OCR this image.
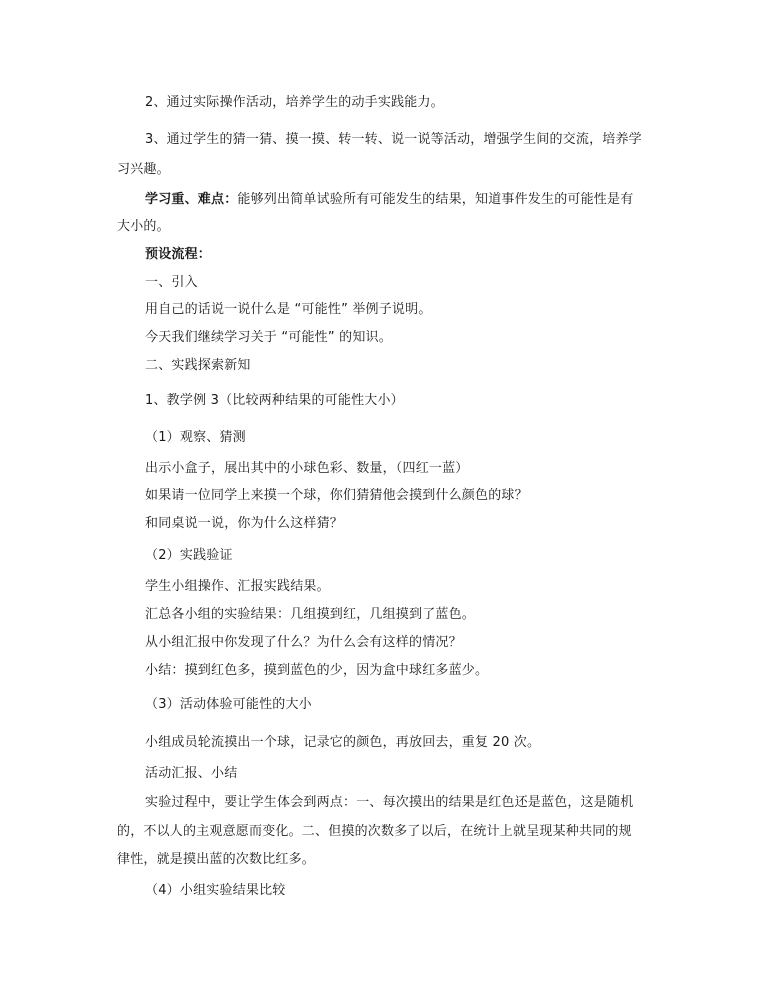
2、通过实际操作活动，培养学生的动手实践能力。
3、通过学生的猜一猜、摸一摸、转一转、说一说等活动，增强学生间的交流，培养学
习兴趣。
学习重、难点：能够列出简单试验所有可能发生的结果，知道事件发生的可能性是有
大小的。
预设流程：
一、引入
用自己的话说一说什么是 “可能性” 举例子说明。
今天我们继续学习关于 “可能性” 的知识。
二、实践探索新知
1、教学例 3（比较两种结果的可能性大小）
（1）观察、猜测
出示小盒子，展出其中的小球色彩、数量，（四红一蓝）
如果请一位同学上来摸一个球，你们猜猜他会摸到什么颜色的球？
和同桌说一说，你为什么这样猜？
（2）实践验证
学生小组操作、汇报实践结果。
汇总各小组的实验结果：几组摸到红，几组摸到了蓝色。
从小组汇报中你发现了什么？为什么会有这样的情况？
小结：摸到红色多，摸到蓝色的少，因为盒中球红多蓝少。
（3）活动体验可能性的大小
小组成员轮流摸出一个球，记录它的颜色，再放回去，重复 20 次。
活动汇报、小结
实验过程中，要让学生体会到两点：一、每次摸出的结果是红色还是蓝色，这是随机
的，不以人的主观意愿而变化。二、但摸的次数多了以后，在统计上就呈现某种共同的规
律性，就是摸出蓝的次数比红多。
（4）小组实验结果比较
